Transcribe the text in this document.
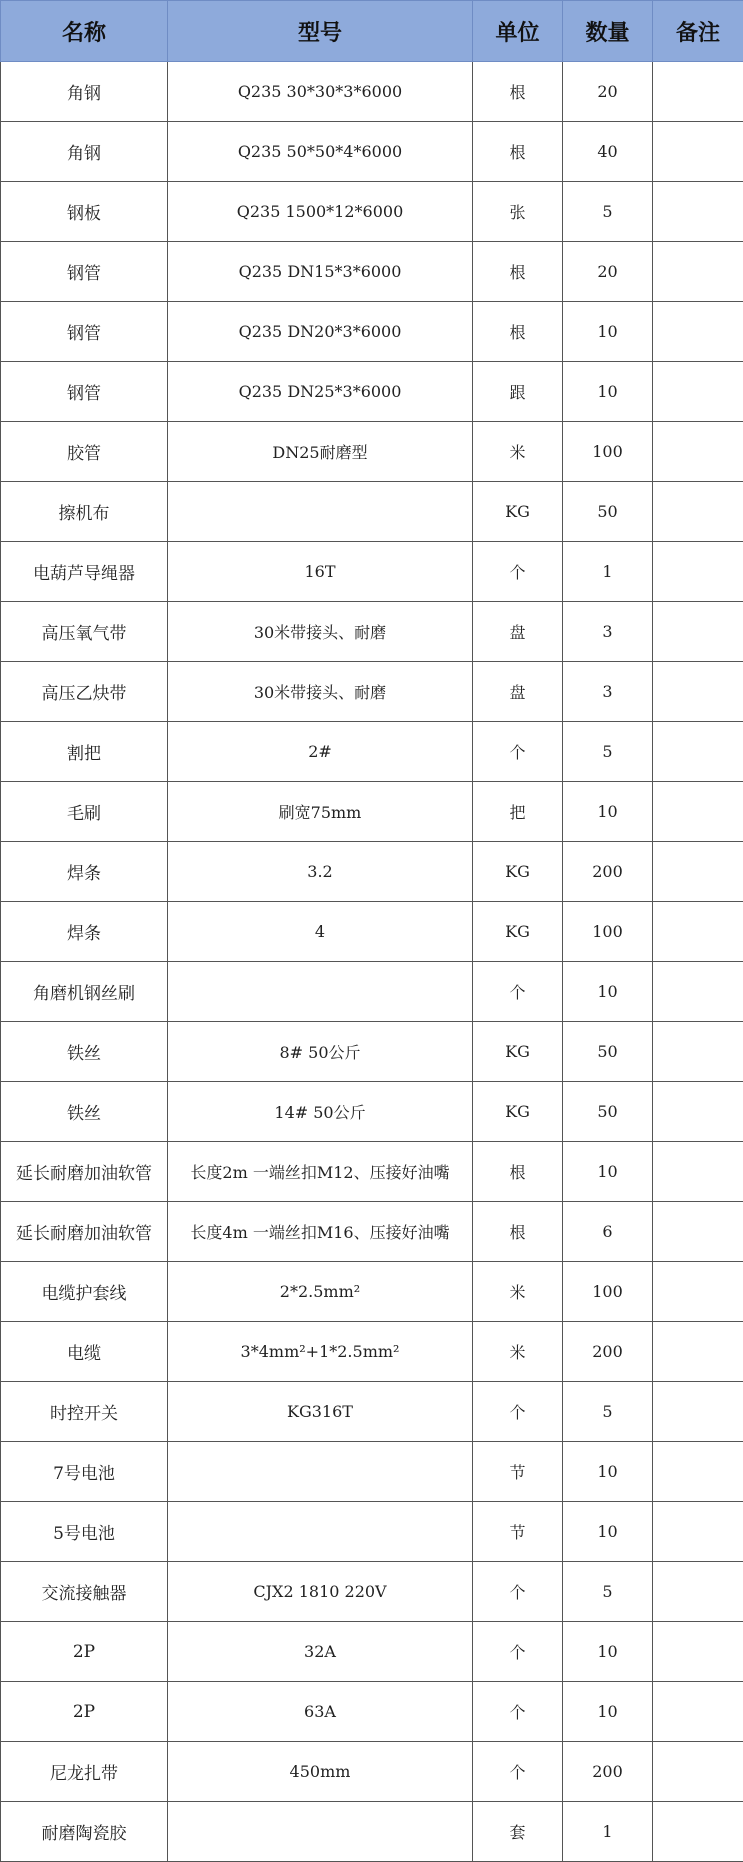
名称	型号	单位	数量	备注
角钢	Q235 30*30*3*6000	根	20	
角钢	Q235 50*50*4*6000	根	40	
钢板	Q235 1500*12*6000	张	5	
钢管	Q235 DN15*3*6000	根	20	
钢管	Q235 DN20*3*6000	根	10	
钢管	Q235 DN25*3*6000	跟	10	
胶管	DN25耐磨型	米	100	
擦机布		KG	50	
电葫芦导绳器	16T	个	1	
高压氧气带	30米带接头、耐磨	盘	3	
高压乙炔带	30米带接头、耐磨	盘	3	
割把	2#	个	5	
毛刷	刷宽75mm	把	10	
焊条	3.2	KG	200	
焊条	4	KG	100	
角磨机钢丝刷		个	10	
铁丝	8# 50公斤	KG	50	
铁丝	14# 50公斤	KG	50	
延长耐磨加油软管	长度2m 一端丝扣M12、压接好油嘴	根	10	
延长耐磨加油软管	长度4m 一端丝扣M16、压接好油嘴	根	6	
电缆护套线	2*2.5mm²	米	100	
电缆	3*4mm²+1*2.5mm²	米	200	
时控开关	KG316T	个	5	
7号电池		节	10	
5号电池		节	10	
交流接触器	CJX2 1810 220V	个	5	
2P	32A	个	10	
2P	63A	个	10	
尼龙扎带	450mm	个	200	
耐磨陶瓷胶		套	1	
